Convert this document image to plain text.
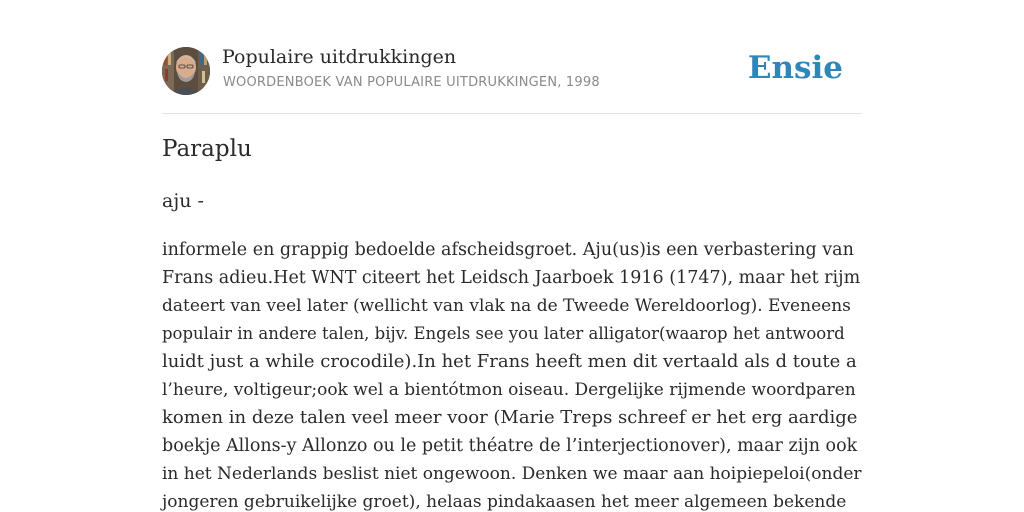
Populaire uitdrukkingen
WOORDENBOEK VAN POPULAIRE UITDRUKKINGEN, 1998	Ensie
Paraplu
aju -

informele en grappig bedoelde afscheidsgroet. Aju(us)is een verbastering van
Frans adieu.Het WNT citeert het Leidsch Jaarboek 1916 (1747), maar het rijm
dateert van veel later (wellicht van vlak na de Tweede Wereldoorlog). Eveneens
populair in andere talen, bijv. Engels see you later alligator(waarop het antwoord
luidt just a while crocodile).In het Frans heeft men dit vertaald als d toute a
l’heure, voltigeur;ook wel a bientótmon oiseau. Dergelijke rijmende woordparen
komen in deze talen veel meer voor (Marie Treps schreef er het erg aardige
boekje Allons-y Allonzo ou le petit théatre de l’interjectionover), maar zijn ook
in het Nederlands beslist niet ongewoon. Denken we maar aan hoipiepeloi(onder
jongeren gebruikelijke groet), helaas pindakaasen het meer algemeen bekende
